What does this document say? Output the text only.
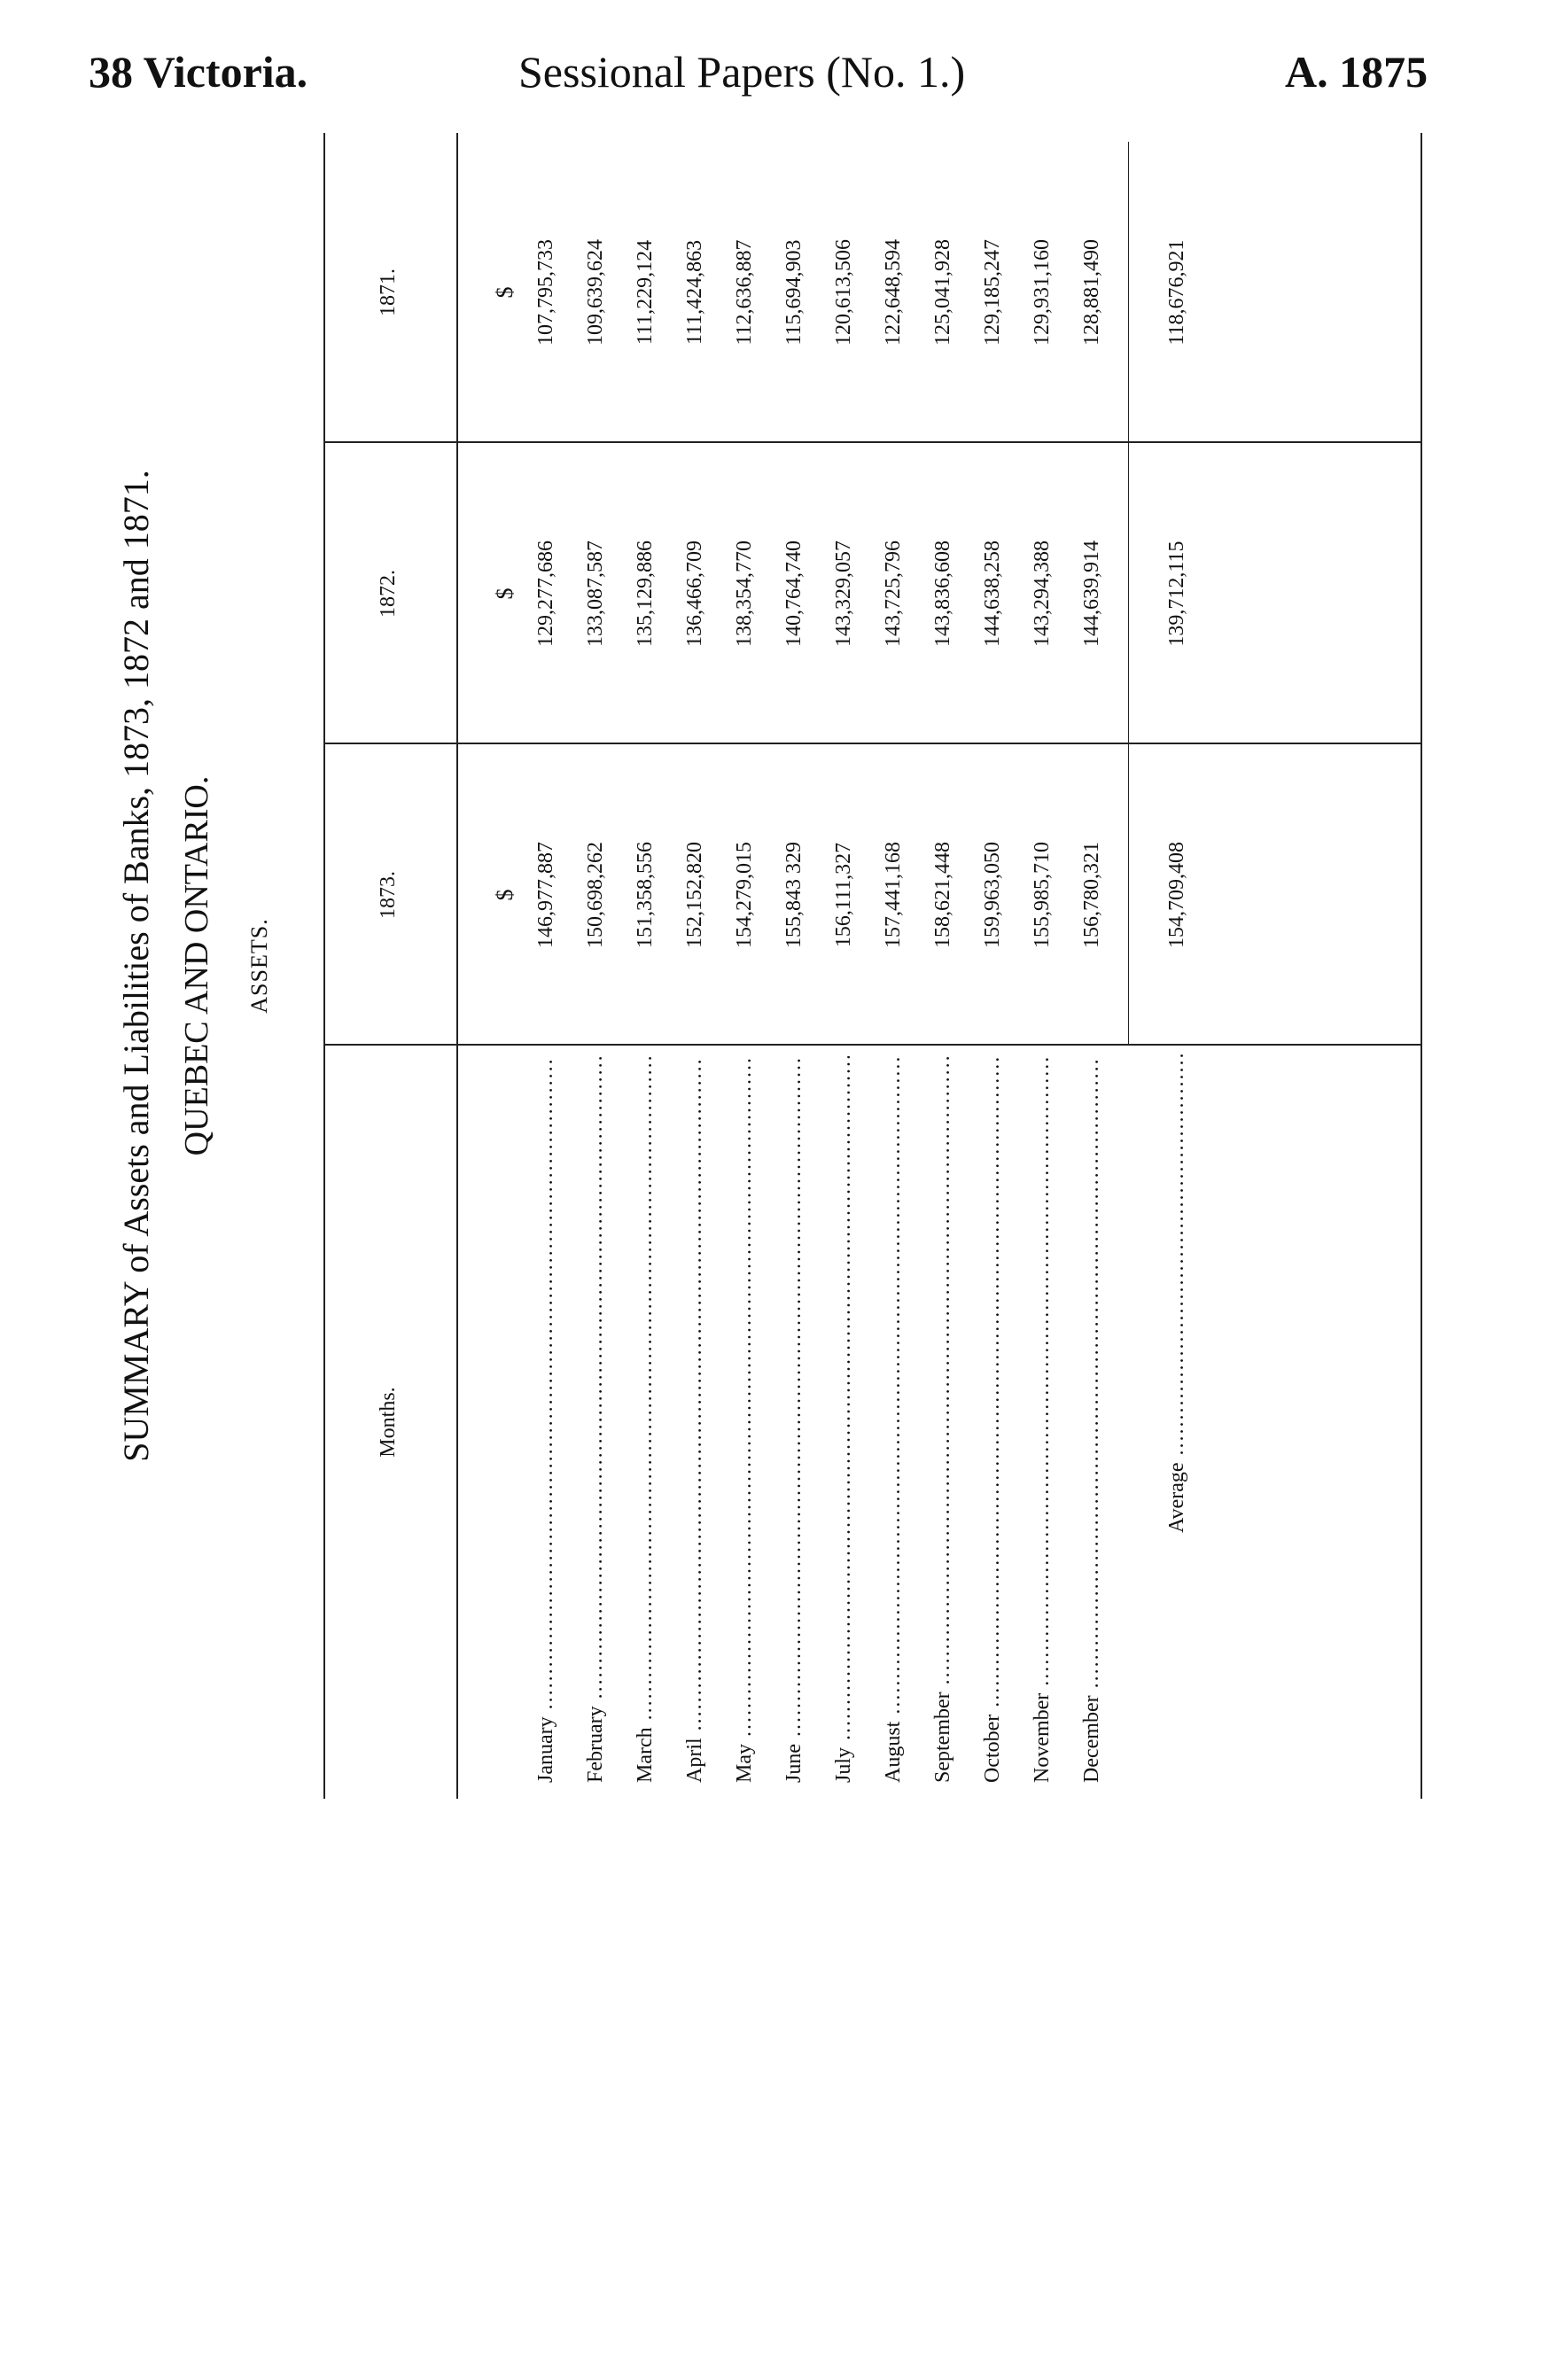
38 Victoria.	Sessional Papers (No. 1.)	A. 1875
SUMMARY of Assets and Liabilities of Banks, 1873, 1872 and 1871. QUEBEC AND ONTARIO. ASSETS.
Months.
1873.
1872.
1871.
$
$
$
January .....
146,977,887
129,277,686
107,795,733
February .....
150,698,262
133,087,587
109,639,624
March .....
151,358,556
135,129,886
111,229,124
April .....
152,152,820
136,466,709
111,424,863
May .....
154,279,015
138,354,770
112,636,887
June .....
155,843 329
140,764,740
115,694,903
July .....
156,111,327
143,329,057
120,613,506
August .....
157,441,168
143,725,796
122,648,594
September .....
158,621,448
143,836,608
125,041,928
October .....
159,963,050
144,638,258
129,185,247
November .....
155,985,710
143,294,388
129,931,160
December .....
156,780,321
144,639,914
128,881,490
Average .....
154,709,408
139,712,115
118,676,921
